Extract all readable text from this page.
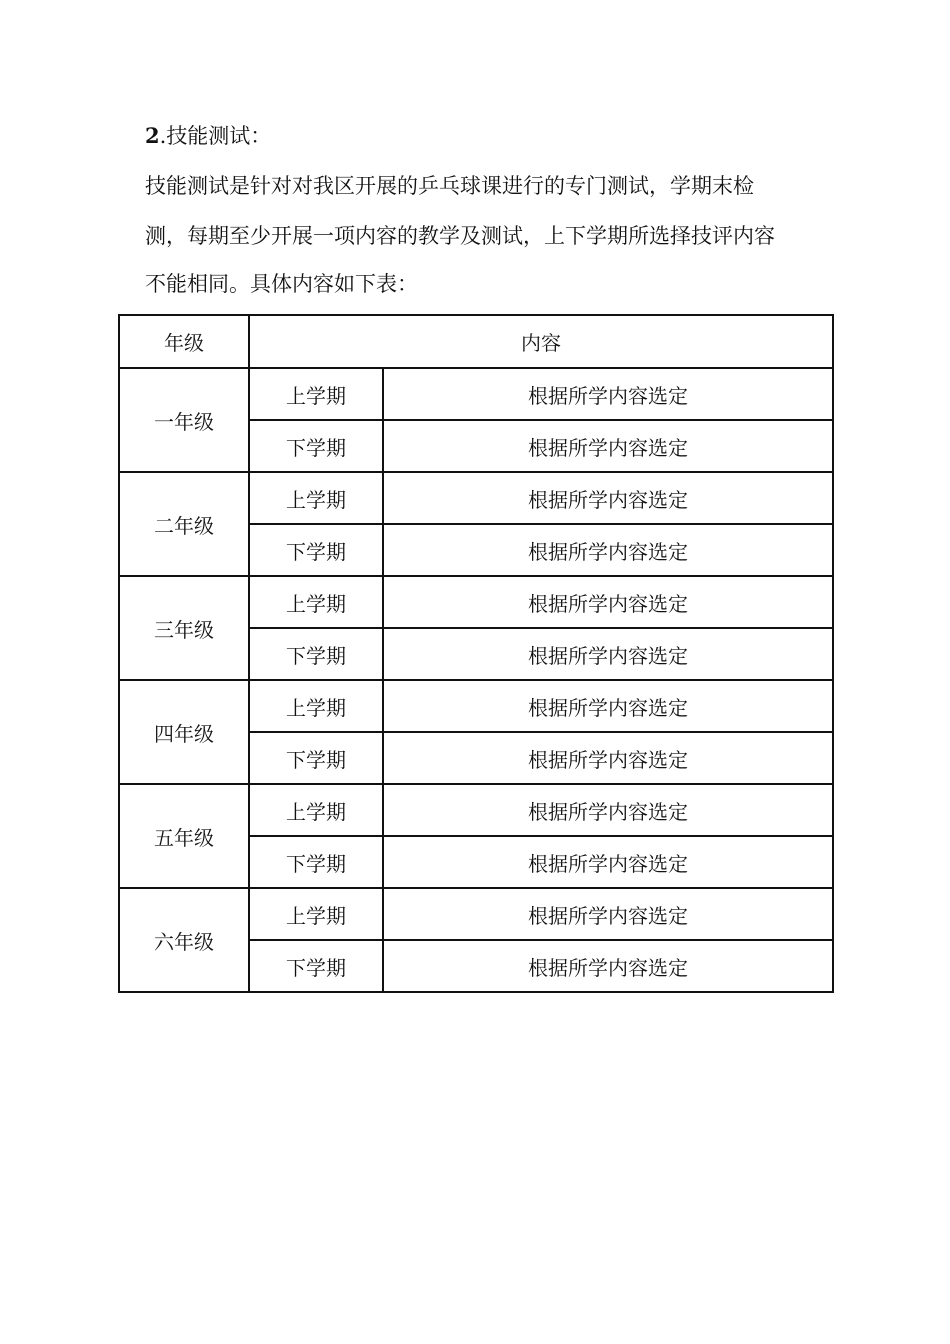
2.技能测试：
技能测试是针对对我区开展的乒乓球课进行的专门测试，学期末检
测，每期至少开展一项内容的教学及测试，上下学期所选择技评内容
不能相同。具体内容如下表：
年级	内容	
一年级	上学期	根据所学内容选定
	下学期	根据所学内容选定
二年级	上学期	根据所学内容选定
	下学期	根据所学内容选定
三年级	上学期	根据所学内容选定
	下学期	根据所学内容选定
四年级	上学期	根据所学内容选定
	下学期	根据所学内容选定
五年级	上学期	根据所学内容选定
	下学期	根据所学内容选定
六年级	上学期	根据所学内容选定
	下学期	根据所学内容选定
